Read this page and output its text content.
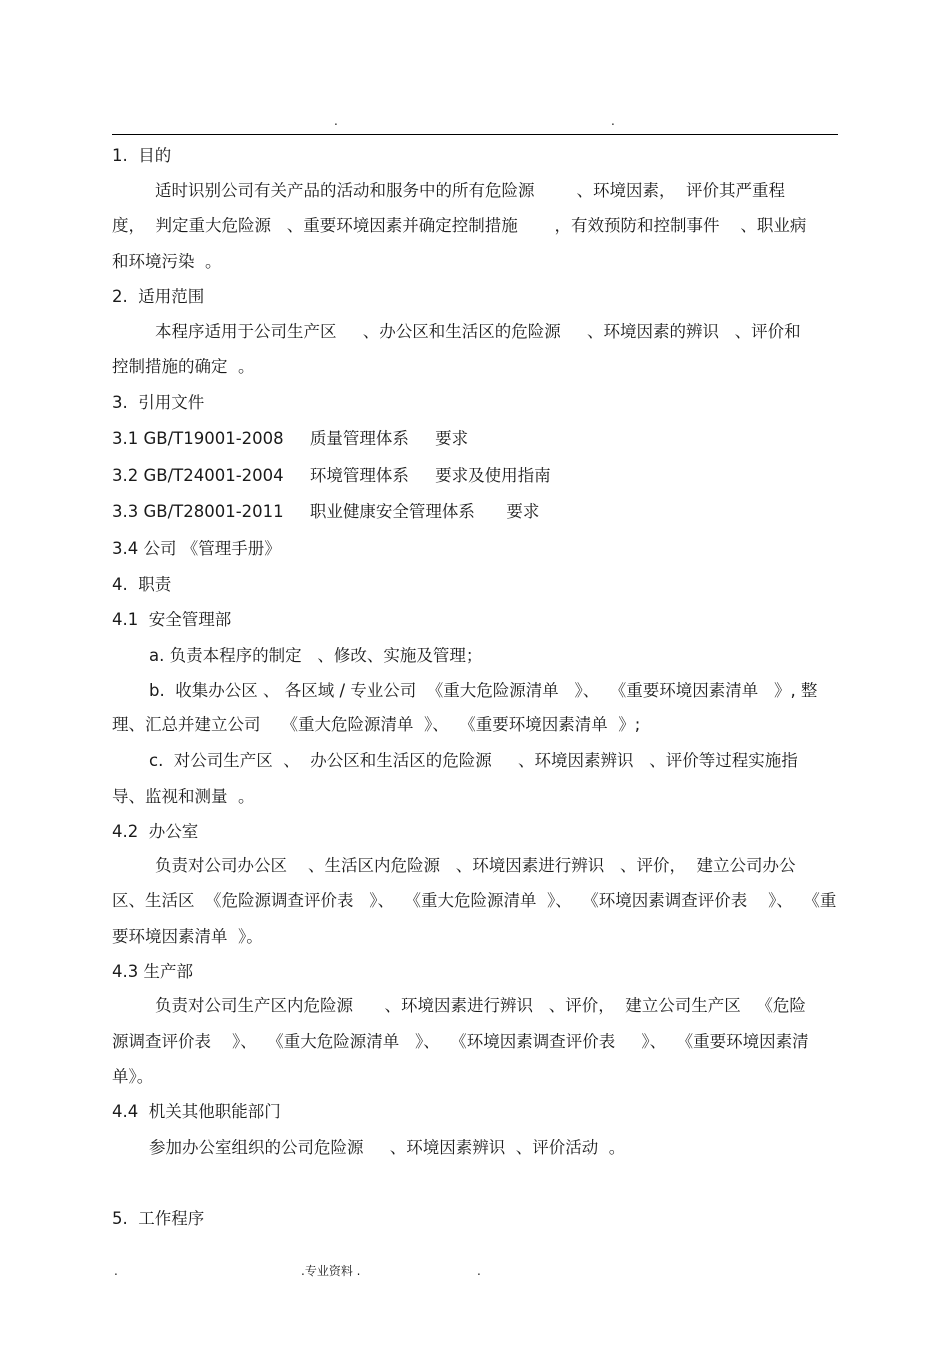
.	.
1.  目的
适时识别公司有关产品的活动和服务中的所有危险源        、环境因素，  评价其严重程
度，  判定重大危险源   、重要环境因素并确定控制措施       ，有效预防和控制事件    、职业病
和环境污染  。
2.  适用范围
本程序适用于公司生产区     、办公区和生活区的危险源     、环境因素的辨识   、评价和
控制措施的确定  。
3.  引用文件
3.1 GB/T19001-2008     质量管理体系     要求
3.2 GB/T24001-2004     环境管理体系     要求及使用指南
3.3 GB/T28001-2011     职业健康安全管理体系      要求
3.4 公司 《管理手册》
4.  职责
4.1  安全管理部
a. 负责本程序的制定   、修改、实施及管理；
b.  收集办公区 、 各区域 / 专业公司  《重大危险源清单   》、  《重要环境因素清单   》, 整
理、汇总并建立公司    《重大危险源清单  》、  《重要环境因素清单  》;
c.  对公司生产区  、  办公区和生活区的危险源     、环境因素辨识   、评价等过程实施指
导、监视和测量  。
4.2  办公室
负责对公司办公区    、生活区内危险源   、环境因素进行辨识   、评价，  建立公司办公
区、生活区  《危险源调查评价表   》、  《重大危险源清单  》、  《环境因素调查评价表    》、  《重
要环境因素清单  》。
4.3 生产部
负责对公司生产区内危险源      、环境因素进行辨识   、评价，  建立公司生产区   《危险
源调查评价表    》、  《重大危险源清单   》、  《环境因素调查评价表     》、  《重要环境因素清
单》。
4.4  机关其他职能部门
参加办公室组织的公司危险源     、环境因素辨识  、评价活动  。
5.  工作程序
.	.专业资料 .	.
